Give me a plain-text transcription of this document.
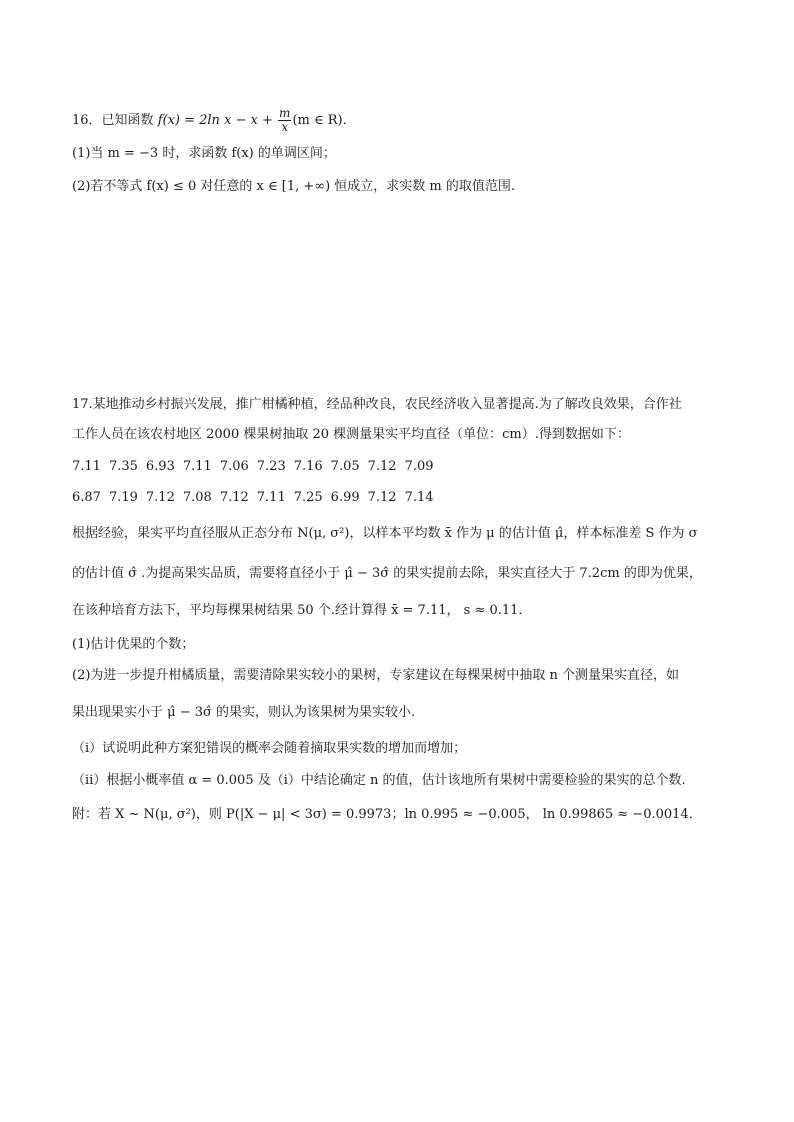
16．已知函数 f(x) = 2ln $x - x + \frac{m}{x} (m$ ∈ R)．
(1)当 m = −3 时，求函数 f(x) 的单调区间；
(2)若不等式 f(x) ≤ 0 对任意的 x ∈ [1, +∞) 恒成立，求实数 m 的取值范围.
17.某地推动乡村振兴发展，推广柑橘种植，经品种改良，农民经济收入显著提高.为了解改良效果，合作社
工作人员在该农村地区 2000 棵果树抽取 20 棵测量果实平均直径（单位：cm）.得到数据如下：
7.11 7.35 6.93 7.11 7.06 7.23 7.16 7.05 7.12 7.09
6.87 7.19 7.12 7.08 7.12 7.11 7.25 6.99 7.12 7.14
根据经验，果实平均直径服从正态分布 N(μ, σ²)，以样本平均数 x̄ 作为 μ 的估计值 μ̂，样本标准差 S 作为 σ
的估计值 σ̂ .为提高果实品质，需要将直径小于 μ̂ − 3σ̂ 的果实提前去除，果实直径大于 7.2cm 的即为优果，
在该种培育方法下，平均每棵果树结果 50 个.经计算得 x̄ = 7.11， s ≈ 0.11．
(1)估计优果的个数；
(2)为进一步提升柑橘质量，需要清除果实较小的果树，专家建议在每棵果树中抽取 n 个测量果实直径，如
果出现果实小于 μ̂ − 3σ̂ 的果实，则认为该果树为果实较小.
（ⅰ）试说明此种方案犯错误的概率会随着摘取果实数的增加而增加；
（ⅱ）根据小概率值 α = 0.005 及（ⅰ）中结论确定 n 的值，估计该地所有果树中需要检验的果实的总个数.
附：若 X ~ N(μ, σ²)，则 P(|X − μ| < 3σ) = 0.9973；ln 0.995 ≈ −0.005， ln 0.99865 ≈ −0.0014．
